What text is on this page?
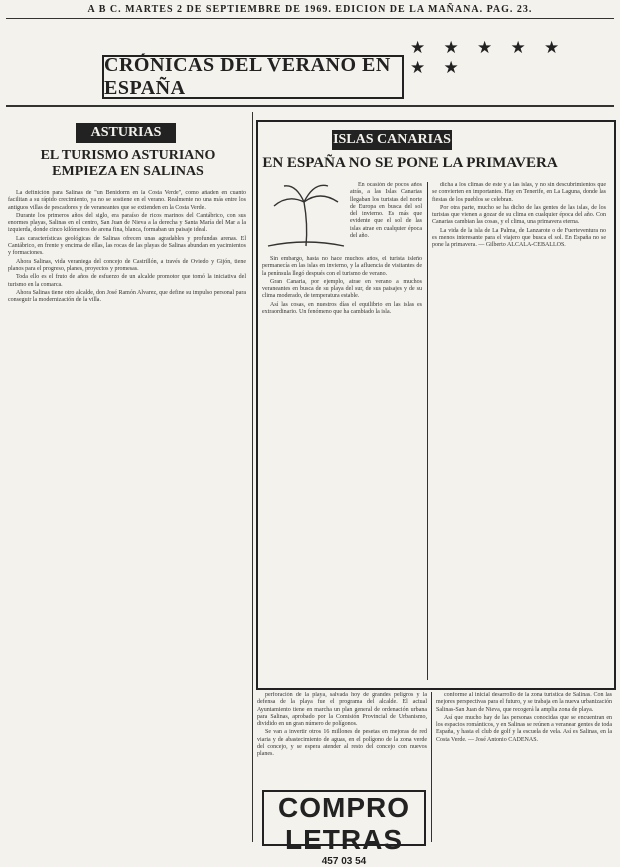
A B C. MARTES 2 DE SEPTIEMBRE DE 1969. EDICION DE LA MAÑANA. PAG. 23.
CRÓNICAS DEL VERANO EN ESPAÑA
★ ★ ★ ★ ★ ★ ★
ASTURIAS
EL TURISMO ASTURIANO EMPIEZA EN SALINAS

La definición para Salinas de "un Benidorm en la Costa Verde", como añaden en cuanto facilitan a su rápido crecimiento, ya no se sostiene en el verano. Realmente no una más entre los antiguos villas de pescadores y de veraneantes que se extienden en la Costa Verde.

Durante los primeros años del siglo, era paraíso de ricos marinos del Cantábrico, con sus enormes playas, Salinas en el centro, San Juan de Nieva a la derecha y Santa María del Mar a la izquierda, donde cinco kilómetros de arena fina, blanca, formaban un paisaje ideal.

Las características geológicas de Salinas ofrecen unas agradables y profundas arenas. El Cantábrico, en frente y encima de ellas, las rocas de las playas de Salinas abundan en yacimientos y formaciones.

Ahora Salinas, vida veraniega del concejo de Castrillón, a través de Oviedo y Gijón, tiene planos para el progreso, planes, proyectos y promesas.

Toda ello es el fruto de años de esfuerzo de un alcalde promotor que tomó la iniciativa del turismo en la comarca.

Ahora Salinas tiene otro alcalde, don José Ramón Alvarez, que define su impulso personal para conseguir la modernización de la villa.

ISLAS CANARIAS
EN ESPAÑA NO SE PONE LA PRIMAVERA

En ocasión de pocos años atrás, a las Islas Canarias llegaban los turistas del norte de Europa en busca del sol del invierno. Es más que evidente que el sol de las islas atrae en cualquier época del año.

Sin embargo, hasta no hace muchos años, el turista isleño permanecía en las islas en invierno, y la afluencia de visitantes de la península llegó después con el turismo de verano.

Gran Canaria, por ejemplo, atrae en verano a muchos veraneantes en busca de su playa del sur, de sus paisajes y de su clima moderado, de temperatura estable.

Así las cosas, en nuestros días el equilibrio en las islas es extraordinario. Un fenómeno que ha cambiado la isla.

dicha a los climas de este y a las islas, y no sin descubrimientos que se convierten en importantes. Hay en Tenerife, en La Laguna, donde las fiestas de los pueblos se celebran.

Por otra parte, mucho se ha dicho de las gentes de las islas, de los turistas que vienen a gozar de su clima en cualquier época del año. Con Canarias cambian las cosas, y el clima, una primavera eterna.

La vida de la isla de La Palma, de Lanzarote o de Fuerteventura no es menos interesante para el viajero que busca el sol. En España no se pone la primavera. — Gilberto ALCALA-CEBALLOS.

perforación de la playa, salvada hoy de grandes peligros y la defensa de la playa fue el programa del alcalde. El actual Ayuntamiento tiene en marcha un plan general de ordenación urbana para Salinas, aprobado por la Comisión Provincial de Urbanismo, dividido en un gran número de polígonos.

Se van a invertir otros 16 millones de pesetas en mejoras de red viaria y de abastecimiento de aguas, en el polígono de la zona verde del concejo, y se espera atender al resto del concejo con nuevos planes.

conforme al inicial desarrollo de la zona turística de Salinas. Con las mejores perspectivas para el futuro, y se trabaja en la nueva urbanización Salinas-San Juan de Nieva, que recogerá la amplia zona de playa.

Así que mucho hay de las personas conocidas que se encuentran en los espacios románticos, y en Salinas se reúnen a veranear gentes de toda España, y hasta el club de golf y la escuela de vela. Así es Salinas, en la Costa Verde. — José Antonio CADENAS.

COMPRO LETRAS
457 03 54
